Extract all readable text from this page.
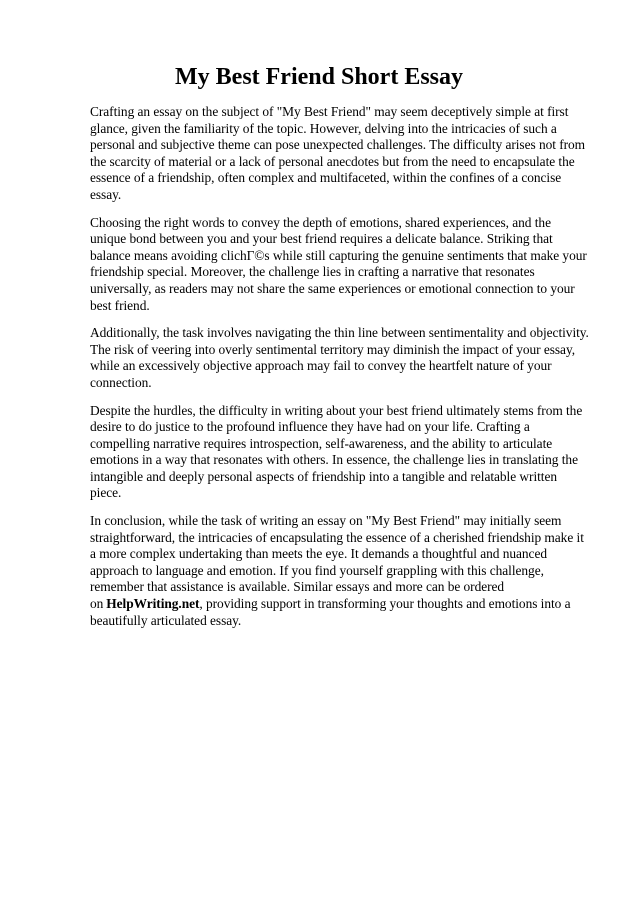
My Best Friend Short Essay

Crafting an essay on the subject of "My Best Friend" may seem deceptively simple at first glance, given the familiarity of the topic. However, delving into the intricacies of such a personal and subjective theme can pose unexpected challenges. The difficulty arises not from the scarcity of material or a lack of personal anecdotes but from the need to encapsulate the essence of a friendship, often complex and multifaceted, within the confines of a concise essay.

Choosing the right words to convey the depth of emotions, shared experiences, and the unique bond between you and your best friend requires a delicate balance. Striking that balance means avoiding clichГ©s while still capturing the genuine sentiments that make your friendship special. Moreover, the challenge lies in crafting a narrative that resonates universally, as readers may not share the same experiences or emotional connection to your best friend.

Additionally, the task involves navigating the thin line between sentimentality and objectivity. The risk of veering into overly sentimental territory may diminish the impact of your essay, while an excessively objective approach may fail to convey the heartfelt nature of your connection.

Despite the hurdles, the difficulty in writing about your best friend ultimately stems from the desire to do justice to the profound influence they have had on your life. Crafting a compelling narrative requires introspection, self-awareness, and the ability to articulate emotions in a way that resonates with others. In essence, the challenge lies in translating the intangible and deeply personal aspects of friendship into a tangible and relatable written piece.

In conclusion, while the task of writing an essay on "My Best Friend" may initially seem straightforward, the intricacies of encapsulating the essence of a cherished friendship make it a more complex undertaking than meets the eye. It demands a thoughtful and nuanced approach to language and emotion. If you find yourself grappling with this challenge, remember that assistance is available. Similar essays and more can be ordered on HelpWriting.net, providing support in transforming your thoughts and emotions into a beautifully articulated essay.
